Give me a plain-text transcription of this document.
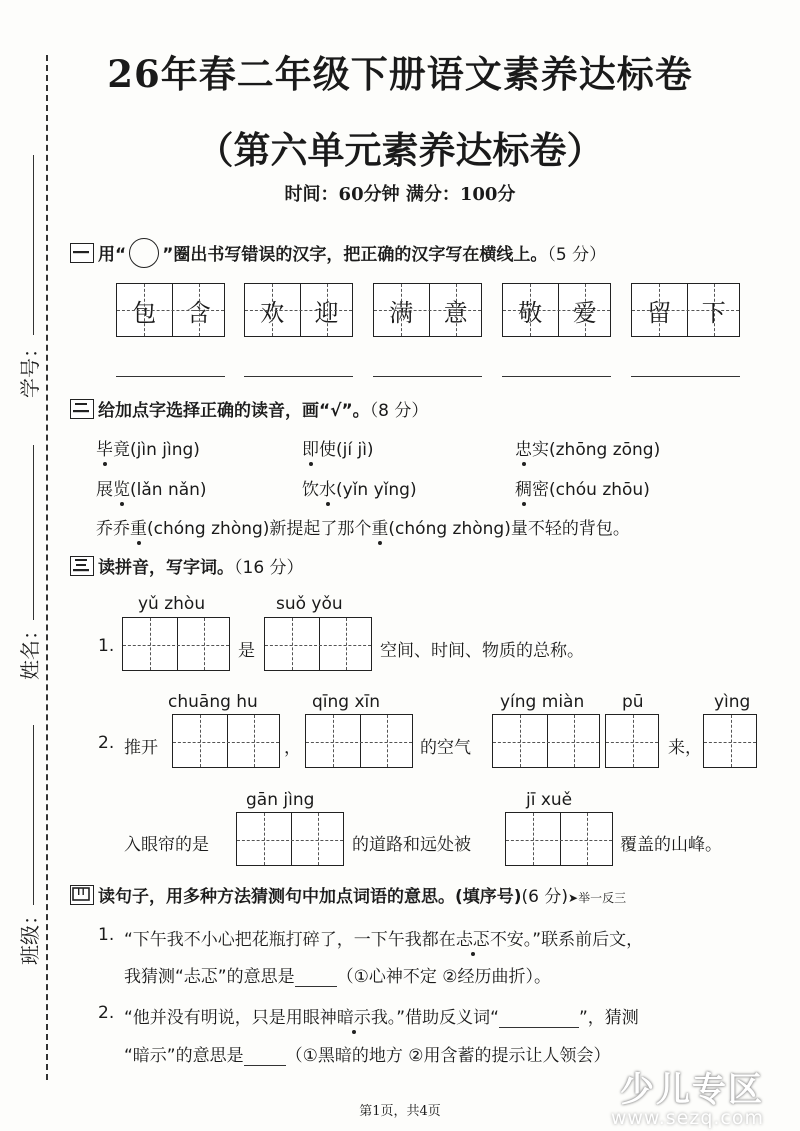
学号：
姓名：
班级：
26年春二年级下册语文素养达标卷
（第六单元素养达标卷）
时间：60分钟 满分：100分
用“ ”圈出书写错误的汉字，把正确的汉字写在横线上。（5 分）
包	含	欢	迎	满	意	敬	爱	留	下
给加点字选择正确的读音，画“√”。（8 分）
毕竟(jìn jìng)	即使(jí jì)	忠实(zhōng zōng)
展览(lǎn nǎn)	饮水(yǐn yǐng)	稠密(chóu zhōu)
乔乔重(chóng zhòng)新提起了那个重(chóng zhòng)量不轻的背包。
读拼音，写字词。（16 分）
yǔ zhòu	suǒ yǒu
1.	是	空间、时间、物质的总称。
chuāng hu	qīng xīn	yíng miàn pū	yìng
2. 推开	，	的空气	来，
gān jìng	jī xuě
入眼帘的是	的道路和远处被	覆盖的山峰。
读句子，用多种方法猜测句中加点词语的意思。(填序号)(6 分)➤举一反三
1. “下午我不小心把花瓶打碎了，一下午我都在忐忑不安。”联系前后文，
我猜测“忐忑”的意思是 （①心神不定 ②经历曲折）。
2. “他并没有明说，只是用眼神暗示我。”借助反义词“	”，猜测
“暗示”的意思是 （①黑暗的地方 ②用含蓄的提示让人领会）
少儿专区
www.sezq.com
第1页，共4页
